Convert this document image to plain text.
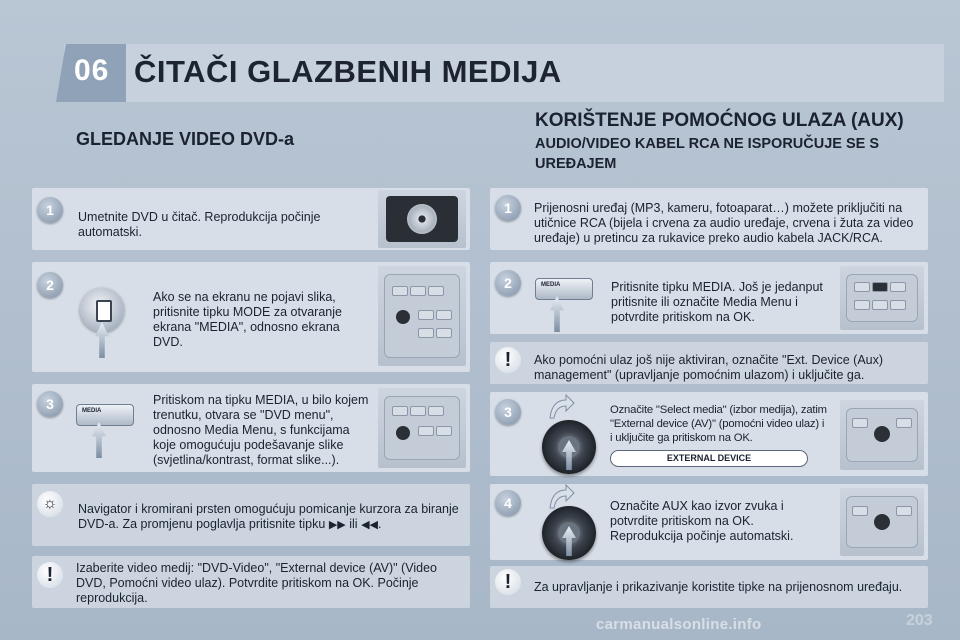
06 ČITAČI GLAZBENIH MEDIJA
GLEDANJE VIDEO DVD-a
1	Umetnite DVD u čitač. Reprodukcija počinje automatski.
2
Ako se na ekranu ne pojavi slika, pritisnite tipku MODE za otvaranje ekrana "MEDIA", odnosno ekrana DVD.
3	Pritiskom na tipku MEDIA, u bilo kojem trenutku, otvara se "DVD menu", odnosno Media Menu, s funkcijama koje omogućuju podešavanje slike (svjetlina/kontrast, format slike...).
MEDIA
☼	Navigator i kromirani prsten omogućuju pomicanje kurzora za biranje DVD-a. Za promjenu poglavlja pritisnite tipku ▶▶ ili ◀◀.
!	Izaberite video medij: "DVD-Video", "External device (AV)" (Video DVD, Pomoćni video ulaz). Potvrdite pritiskom na OK. Počinje reprodukcija.
KORIŠTENJE POMOĆNOG ULAZA (AUX)
AUDIO/VIDEO KABEL RCA NE ISPORUČUJE SE S UREĐAJEM
1	Prijenosni uređaj (MP3, kameru, fotoaparat…) možete priključiti na utičnice RCA (bijela i crvena za audio uređaje, crvena i žuta za video uređaje) u pretincu za rukavice preko audio kabela JACK/RCA.
2	MEDIA	Pritisnite tipku MEDIA. Još je jedanput pritisnite ili označite Media Menu i potvrdite pritiskom na OK.
!	Ako pomoćni ulaz još nije aktiviran, označite "Ext. Device (Aux) management" (upravljanje pomoćnim ulazom) i uključite ga.
3	Označite "Select media" (izbor medija), zatim "External device (AV)" (pomoćni video ulaz) i i uključite ga pritiskom na OK.
EXTERNAL DEVICE
4	Označite AUX kao izvor zvuka i potvrdite pritiskom na OK. Reprodukcija počinje automatski.
!	Za upravljanje i prikazivanje koristite tipke na prijenosnom uređaju.
carmanualsonline.info	203
